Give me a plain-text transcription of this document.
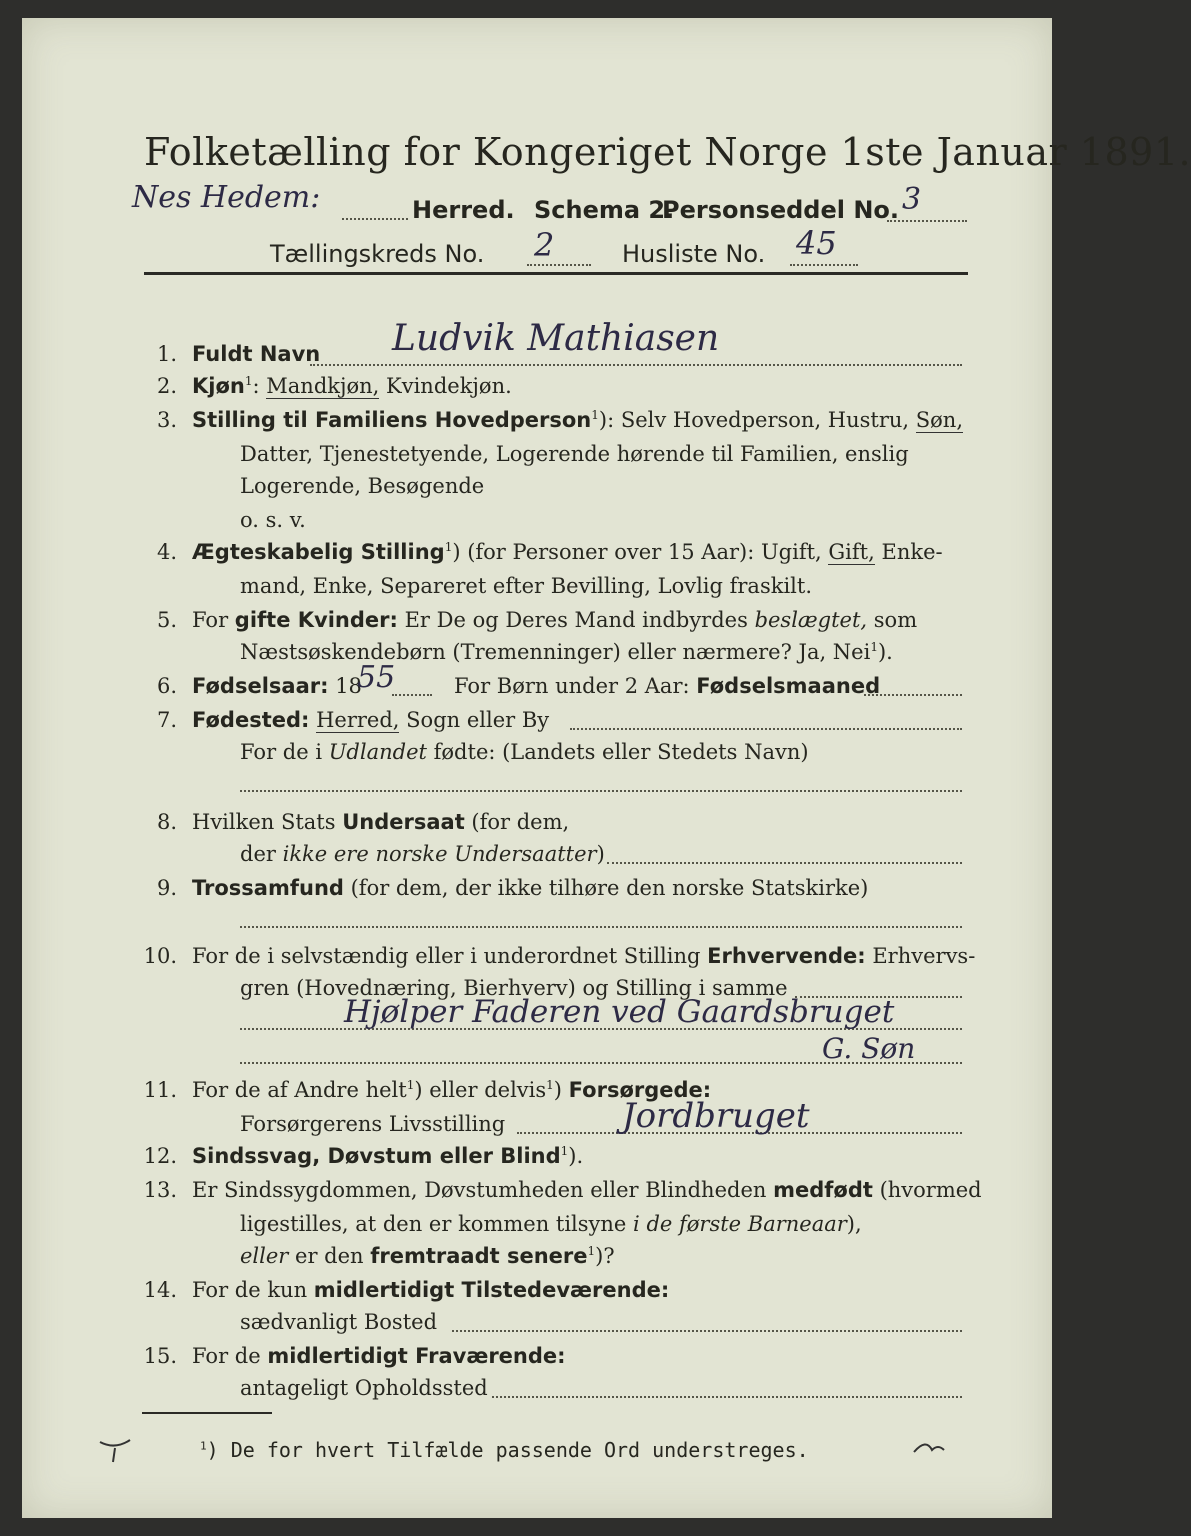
Folketælling for Kongeriget Norge 1ste Januar 1891.
Nes Hedem:	Herred. Schema 2.
Personseddel No. 3
Tællingskreds No. 2	Husliste No. 45
1. Fuldt Navn Ludvik Mathiasen
2. Kjøn$^1$: Mandkjøn, Kvindekjøn.
3. Stilling til Familiens Hovedperson$^1$): Selv Hovedperson, Hustru, Søn,
Datter, Tjenestetyende, Logerende hørende til Familien, enslig
Logerende, Besøgende
o. s. v.
4. Ægteskabelig Stilling$^1$) (for Personer over 15 Aar): Ugift, Gift, Enke-
mand, Enke, Separeret efter Bevilling, Lovlig fraskilt.
5. For gifte Kvinder: Er De og Deres Mand indbyrdes beslægtet, som
Næstsøskendebørn (Tremenninger) eller nærmere? Ja, Nei$^1$).
6. Fødselsaar: 18
55	For Børn under 2 Aar: Fødselsmaaned
7. Fødested: Herred, Sogn eller By
For de i Udlandet fødte: (Landets eller Stedets Navn)
8. Hvilken Stats Undersaat (for dem,
der ikke ere norske Undersaatter)
9. Trossamfund (for dem, der ikke tilhøre den norske Statskirke)
10. For de i selvstændig eller i underordnet Stilling Erhvervende: Erhvervs-
gren (Hovednæring, Bierhverv) og Stilling i samme
Hjølper Faderen ved Gaardsbruget
G. Søn
11. For de af Andre helt$^1$) eller delvis$^1$) Forsørgede:
Forsørgerens Livsstilling	Jordbruget
12. Sindssvag, Døvstum eller Blind$^1$).
13. Er Sindssygdommen, Døvstumheden eller Blindheden medfødt (hvormed
ligestilles, at den er kommen tilsyne i de første Barneaar),
eller er den fremtraadt senere$^1$)?
14. For de kun midlertidigt Tilstedeværende:
sædvanligt Bosted
15. For de midlertidigt Fraværende:
antageligt Opholdssted
$^1$) De for hvert Tilfælde passende Ord understreges.
